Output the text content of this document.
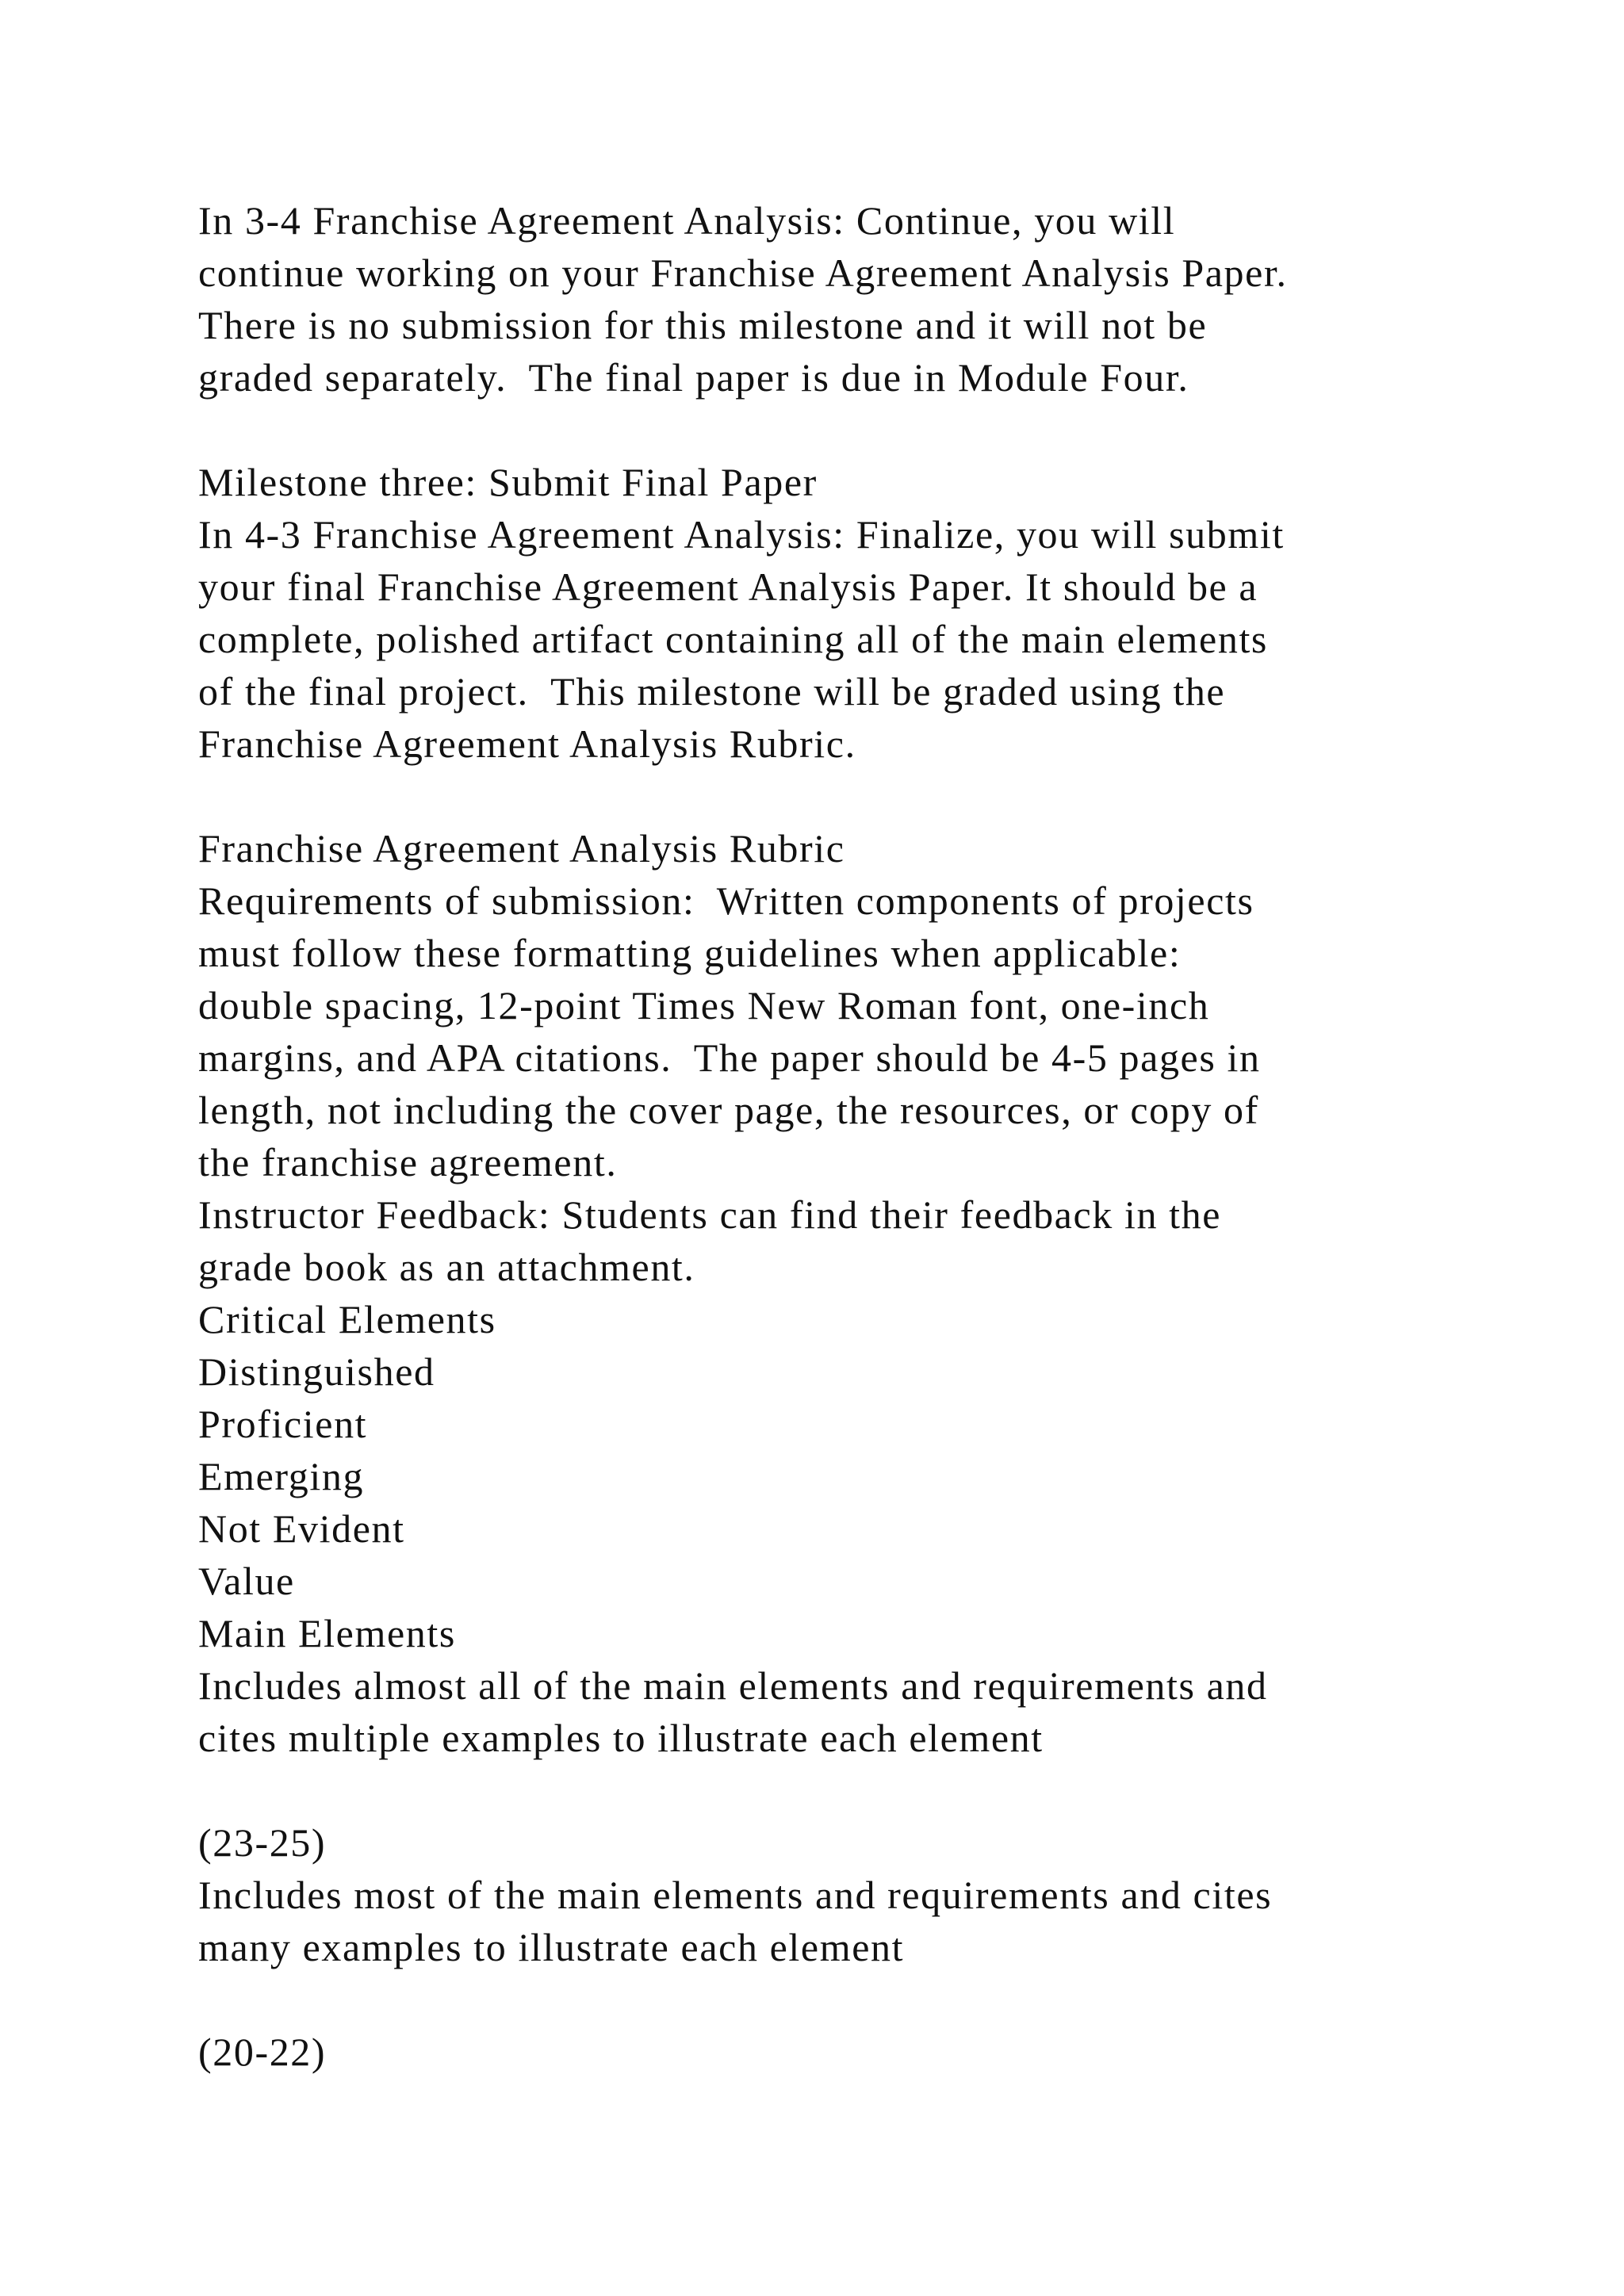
In 3-4 Franchise Agreement Analysis: Continue, you will
continue working on your Franchise Agreement Analysis Paper.
There is no submission for this milestone and it will not be
graded separately.  The final paper is due in Module Four.
Milestone three: Submit Final Paper
In 4-3 Franchise Agreement Analysis: Finalize, you will submit
your final Franchise Agreement Analysis Paper. It should be a
complete, polished artifact containing all of the main elements
of the final project.  This milestone will be graded using the
Franchise Agreement Analysis Rubric.
Franchise Agreement Analysis Rubric
Requirements of submission:  Written components of projects
must follow these formatting guidelines when applicable:
double spacing, 12-point Times New Roman font, one-inch
margins, and APA citations.  The paper should be 4-5 pages in
length, not including the cover page, the resources, or copy of
the franchise agreement.
Instructor Feedback: Students can find their feedback in the
grade book as an attachment.
Critical Elements
Distinguished
Proficient
Emerging
Not Evident
Value
Main Elements
Includes almost all of the main elements and requirements and
cites multiple examples to illustrate each element
(23-25)
Includes most of the main elements and requirements and cites
many examples to illustrate each element
(20-22)
